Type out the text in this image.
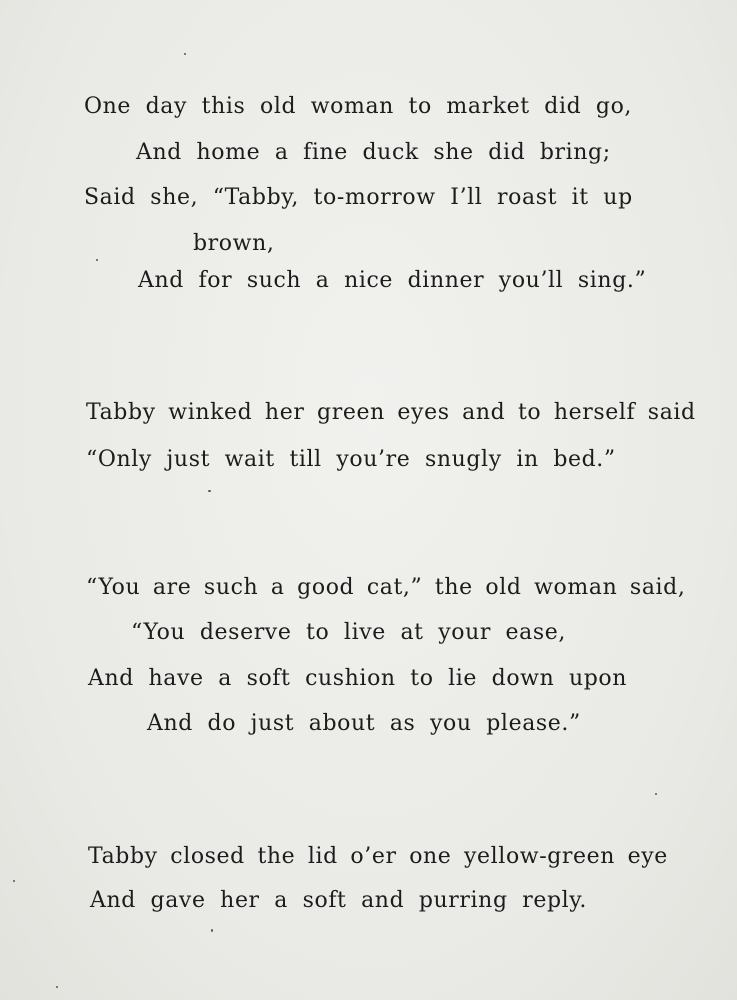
One day this old woman to market did go,
And home a fine duck she did bring;
Said she, “Tabby, to-morrow I’ll roast it up
brown,
And for such a nice dinner you’ll sing.”
Tabby winked her green eyes and to herself said
“Only just wait till you’re snugly in bed.”
“You are such a good cat,” the old woman said,
“You deserve to live at your ease,
And have a soft cushion to lie down upon
And do just about as you please.”
Tabby closed the lid o’er one yellow-green eye
And gave her a soft and purring reply.
